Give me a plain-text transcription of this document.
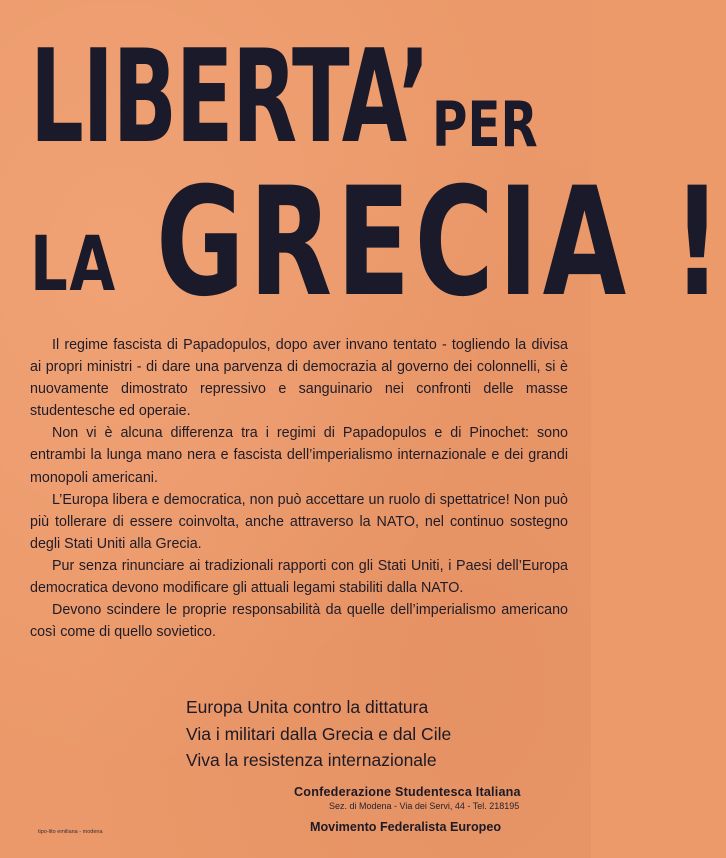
LIBERTA’ PER
LA GRECIA !

Il regime fascista di Papadopulos, dopo aver invano tentato - togliendo la divisa ai propri ministri - di dare una parvenza di democrazia al governo dei colonnelli, si è nuovamente dimostrato repressivo e sanguinario nei confronti delle masse studentesche ed operaie.

Non vi è alcuna differenza tra i regimi di Papadopulos e di Pinochet: sono entrambi la lunga mano nera e fascista dell’imperialismo internazionale e dei grandi monopoli americani.

L’Europa libera e democratica, non può accettare un ruolo di spettatrice! Non può più tollerare di essere coinvolta, anche attraverso la NATO, nel continuo sostegno degli Stati Uniti alla Grecia.

Pur senza rinunciare ai tradizionali rapporti con gli Stati Uniti, i Paesi dell’Europa democratica devono modificare gli attuali legami stabiliti dalla NATO.

Devono scindere le proprie responsabilità da quelle dell’imperialismo americano così come di quello sovietico.

Europa Unita contro la dittatura
Via i militari dalla Grecia e dal Cile
Viva la resistenza internazionale
Confederazione Studentesca Italiana
Sez. di Modena - Via dei Servi, 44 - Tel. 218195
Movimento Federalista Europeo
tipo-lito emiliana - modena
